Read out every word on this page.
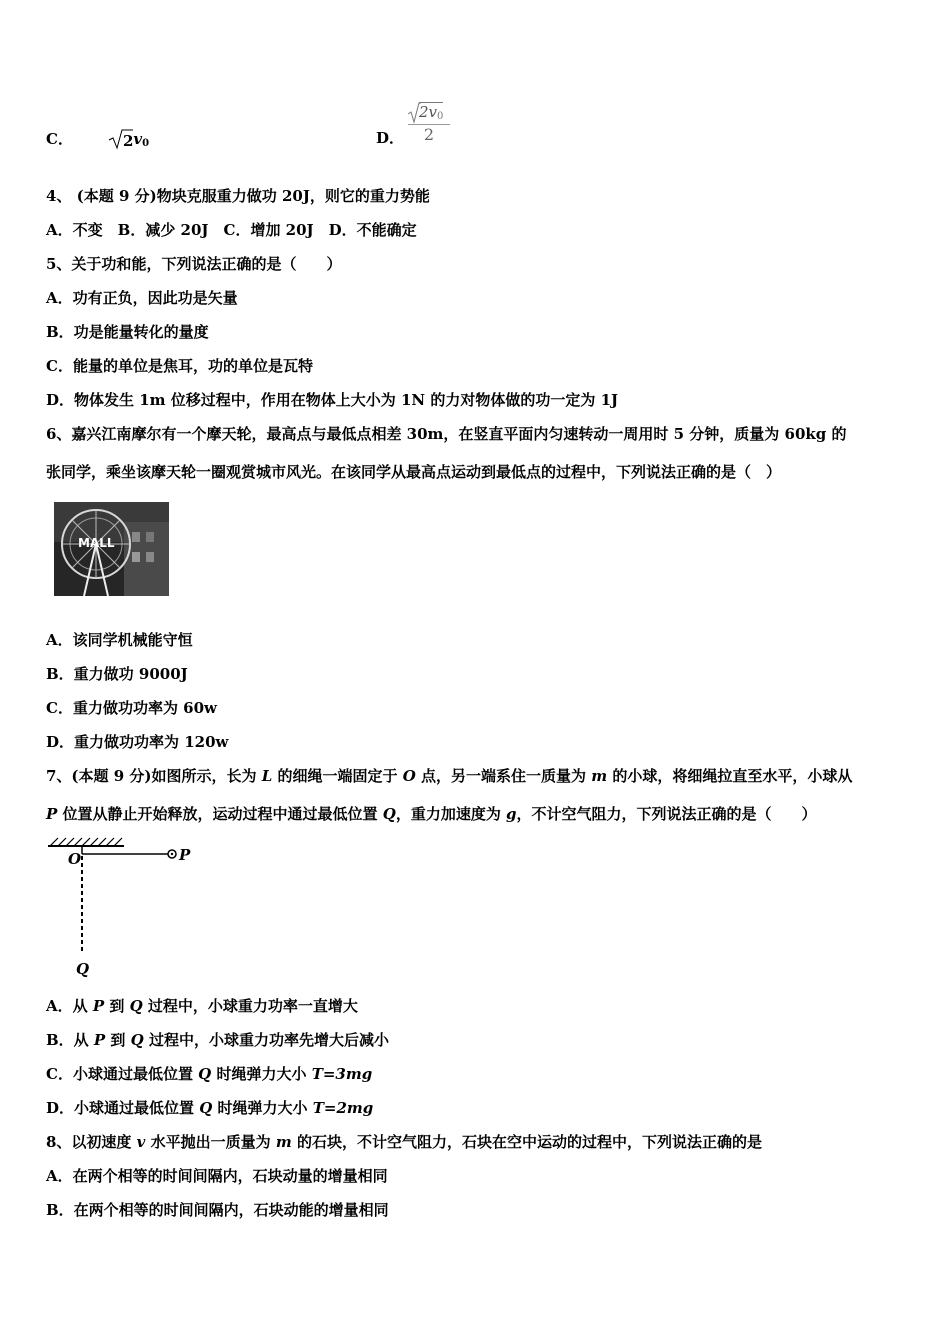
C．	2 $v_0$	D．
$2v_0$
2
4、 (本题 9 分)物块克服重力做功 20J，则它的重力势能
A．不变　B．减少 20J　C．增加 20J　D．不能确定
5、关于功和能，下列说法正确的是（　　）
A．功有正负，因此功是矢量
B．功是能量转化的量度
C．能量的单位是焦耳，功的单位是瓦特
D．物体发生 1m 位移过程中，作用在物体上大小为 1N 的力对物体做的功一定为 1J
6、嘉兴江南摩尔有一个摩天轮，最高点与最低点相差 30m，在竖直平面内匀速转动一周用时 5 分钟，质量为 60kg 的
张同学，乘坐该摩天轮一圈观赏城市风光。在该同学从最高点运动到最低点的过程中，下列说法正确的是（　）
MALL
A．该同学机械能守恒
B．重力做功 9000J
C．重力做功功率为 60w
D．重力做功功率为 120w
7、(本题 9 分)如图所示，长为 L 的细绳一端固定于 O 点，另一端系住一质量为 m 的小球，将细绳拉直至水平，小球从
P 位置从静止开始释放，运动过程中通过最低位置 Q，重力加速度为 g，不计空气阻力，下列说法正确的是（　　）
O	P
Q
A．从 P 到 Q 过程中，小球重力功率一直增大
B．从 P 到 Q 过程中，小球重力功率先增大后减小
C．小球通过最低位置 Q 时绳弹力大小 T=3mg
D．小球通过最低位置 Q 时绳弹力大小 T=2mg
8、以初速度 v 水平抛出一质量为 m 的石块，不计空气阻力，石块在空中运动的过程中，下列说法正确的是
A．在两个相等的时间间隔内，石块动量的增量相同
B．在两个相等的时间间隔内，石块动能的增量相同
